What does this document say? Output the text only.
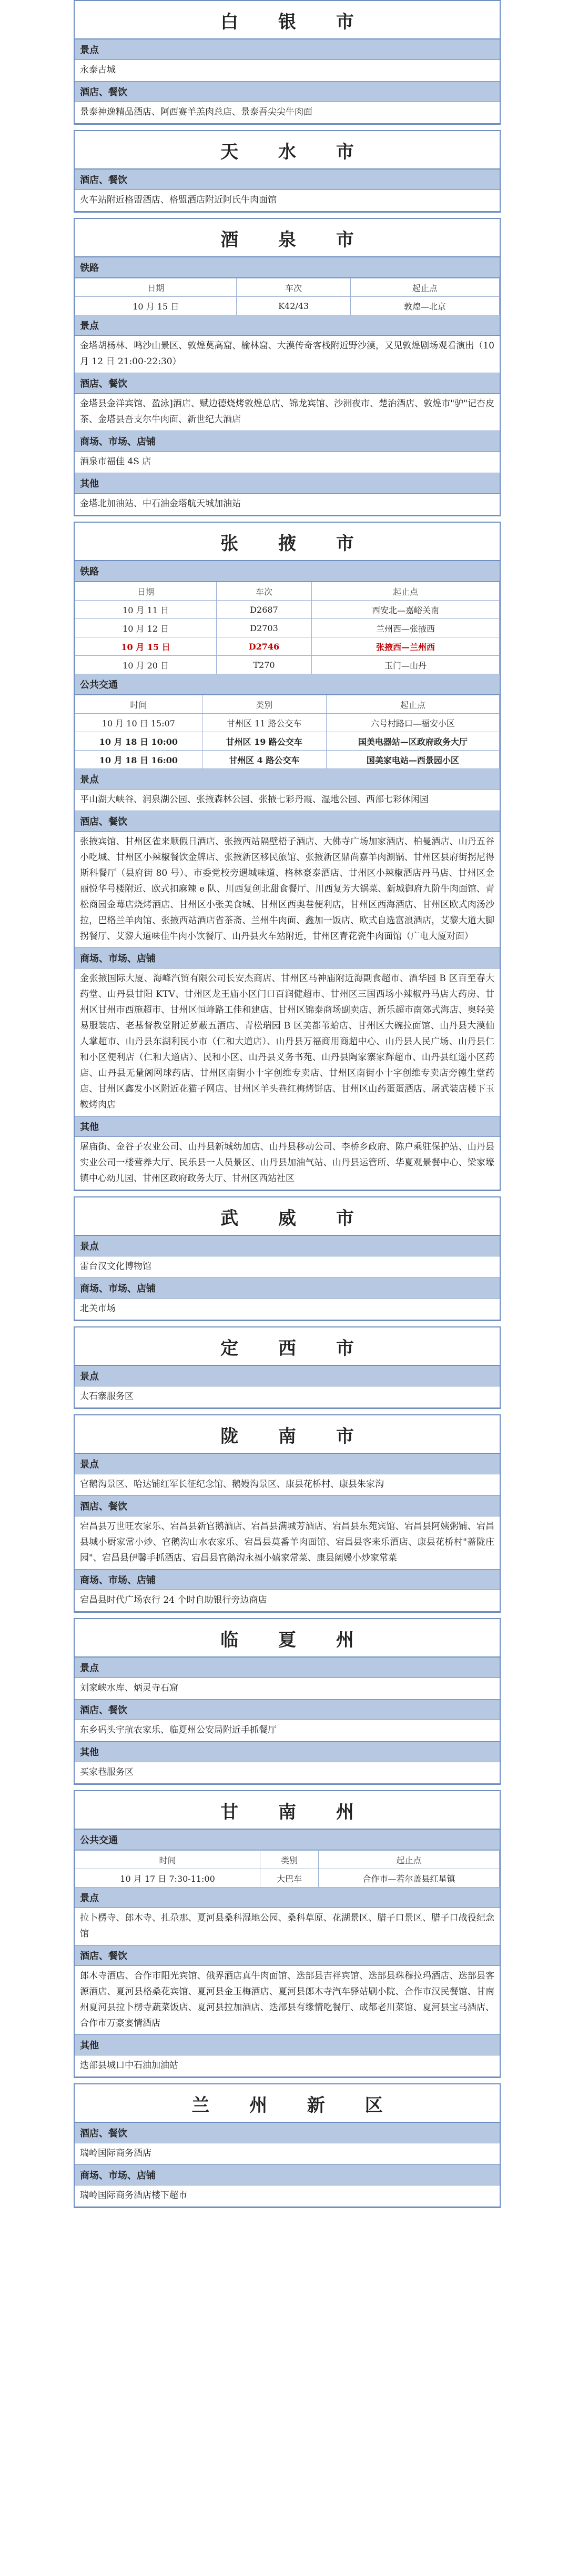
白 银 市
景点
永泰古城
酒店、餐饮
景泰神逸精品酒店、阿西赛羊羔肉总店、景泰吾尖尖牛肉面
天 水 市
酒店、餐饮
火车站附近格盟酒店、格盟酒店附近阿氏牛肉面馆
酒 泉 市
铁路
日期	车次	起止点
10 月 15 日	K42/43	敦煌—北京
景点
金塔胡杨林、鸣沙山景区、敦煌莫高窟、榆林窟、大漠传奇客栈附近野沙漠，又见敦煌剧场观看演出（10 月 12 日 21:00-22:30）
酒店、餐饮
金塔县金洋宾馆、盈泳]酒店、赋边德烧烤敦煌总店、锦龙宾馆、沙洲夜市、楚治酒店、敦煌市"驴"记杏皮茶、金塔县吾支尔牛肉面、新世纪大酒店
商场、市场、店铺
酒泉市福佳 4S 店
其他
金塔北加油站、中石油金塔航天城加油站
张 掖 市
铁路
日期	车次	起止点
10 月 11 日	D2687	西安北—嘉峪关南
10 月 12 日	D2703	兰州西—张掖西
10 月 15 日	D2746	张掖西—兰州西
10 月 20 日	T270	玉门—山丹
公共交通
时间	类别	起止点
10 月 10 日 15:07	甘州区 11 路公交车	六号村路口—福安小区
10 月 18 日 10:00	甘州区 19 路公交车	国美电器站—区政府政务大厅
10 月 18 日 16:00	甘州区 4 路公交车	国美家电站—西景园小区
景点
平山湖大峡谷、润泉湖公园、张掖森林公园、张掖七彩丹霞、湿地公园、西部七彩休闲园
酒店、餐饮
张掖宾馆、甘州区雀来顺假日酒店、张掖西站隔壁梧子酒店、大佛寺广场加家酒店、柏曼酒店、山丹五谷小吃城、甘州区小辣椒餐饮金牌店、张掖新区移民旅馆、张掖新区鼎尚嘉羊肉涮锅、甘州区县府街拐尼得斯科餐厅（县府街 80 号）、市委党校旁遇城味道、格林豪泰酒店、甘州区小辣椒酒店丹马店、甘州区金丽悦华号楼附近、欧式扣麻辣 e 队、川西复创北甜食餐厅、川西复芳大锅菜、新城御府九阶牛肉面馆、青松商园金莓店烧烤酒店、甘州区小张美食城、甘州区西奥巷便利店，甘州区西海酒店、甘州区欧式肉汤沙拉，巴格兰羊肉馆、张掖西站酒店省茶斋、兰州牛肉面、鑫加一饭店、欧式自选富浪酒店，艾黎大道大脚拐餐厅、艾黎大道味佳牛肉小饮餐厅、山丹县火车站附近，甘州区青花瓷牛肉面馆（广电大厦对面）
商场、市场、店铺
金张掖国际大厦、海峰汽贸有限公司长安杰商店、甘州区马神庙附近海副食超市、酒华园 B 区百至春大药堂、山丹县甘阳 KTV、甘州区龙王庙小区门口百润健超市、甘州区三国西场小辣椒丹马店大药房、甘州区甘州市西施超市、甘州区恒峰路工佳和建店、甘州区锦泰商场副卖店、新乐超市南郊式海店、奥轻美易服装店、老基督教堂附近萝蔽五酒店、青松瑞园 B 区美都苇蛤店、甘州区大碗拉面馆、山丹县大漠仙人掌超市、山丹县东湖利民小市（仁和大道店）、山丹县万福商用商超中心、山丹县人民广场、山丹县仁和小区便利店（仁和大道店）、民和小区、山丹县义务书苑、山丹县陶家寨家辉超市、山丹县红遥小区药店、山丹县无量阁网球药店、甘州区南街小十字创维专卖店、甘州区南街小十字创维专卖店旁德生堂药店、甘州区鑫发小区附近花猫子网店、甘州区羊头巷红梅烤饼店、甘州区山药蛋蛋酒店、屠武装店楼下玉鞍烤肉店
其他
屠庙街、金谷子农业公司、山丹县新城幼加店、山丹县移动公司、李桥乡政府、陈户乘驻保护站、山丹县实业公司一楼营养大厅、民乐县一人员景区、山丹县加油气站、山丹县运管所、华夏观景餐中心、梁家壕镇中心幼儿园、甘州区政府政务大厅、甘州区西站社区
武 威 市
景点
雷台汉文化博物馆
商场、市场、店铺
北关市场
定 西 市
景点
太石寨服务区
陇 南 市
景点
官鹅沟景区、哈达铺红军长征纪念馆、鹅嫚沟景区、康县花桥村、康县朱家沟
酒店、餐饮
宕昌县万世旺农家乐、宕昌县新官鹅酒店、宕昌县满城芳酒店、宕昌县东苑宾馆、宕昌县阿姨粥铺、宕昌县城小厨家常小炒、官鹅沟山水农家乐、宕昌县莫番羊肉面馆、宕昌县客来乐酒店、康县花桥村"蔷陇庄园"、宕昌县伊馨手抓酒店、宕昌县官鹅沟永福小嬉家常菜、康县阔嫚小炒家常菜
商场、市场、店铺
宕昌县时代广场农行 24 个时自助银行旁边商店
临 夏 州
景点
刘家峡水库、炳灵寺石窟
酒店、餐饮
东乡码头宇航农家乐、临夏州公安局附近手抓餐厅
其他
买家巷服务区
甘 南 州
公共交通
时间	类别	起止点
10 月 17 日 7:30-11:00	大巴车	合作市—若尔盖县红星镇
景点
拉卜楞寺、郎木寺、扎尕那、夏河县桑科湿地公园、桑科草原、花湖景区、腊子口景区、腊子口战役纪念馆
酒店、餐饮
郎木寺酒店、合作市阳光宾馆、俄界酒店真牛肉面馆、迭部县吉祥宾馆、迭部县珠穆拉玛酒店、迭部县客源酒店、夏河县格桑花宾馆、夏河县金玉梅酒店、夏河县郎木寺汽车驿站刷小院、合作市汉民餐馆、甘南州夏河县拉卜楞寺蔬菜饭店、夏河县拉加酒店、迭部县有缘情吃餐厅、成都老川菜馆、夏河县宝马酒店、合作市万豪宴情酒店
其他
迭部县城口中石油加油站
兰 州 新 区
酒店、餐饮
瑞岭国际商务酒店
商场、市场、店铺
瑞岭国际商务酒店楼下超市
